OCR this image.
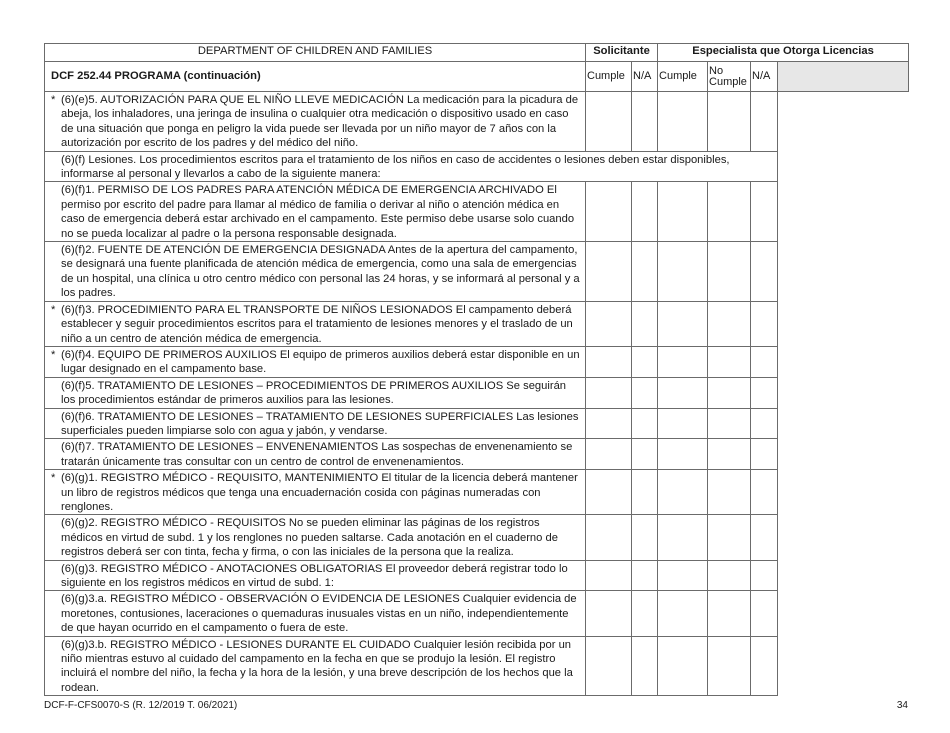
DEPARTMENT OF CHILDREN AND FAMILIES	Solicitante		Especialista que Otorga Licencias			
DCF 252.44 PROGRAMA (continuación)	Cumple	N/A	Cumple	No Cumple	N/A	

* (6)(e)5. AUTORIZACIÓN PARA QUE EL NIÑO LLEVE MEDICACIÓN La medicación para la picadura de abeja, los inhaladores, una jeringa de insulina o cualquier otra medicación o dispositivo usado en caso de una situación que ponga en peligro la vida puede ser llevada por un niño mayor de 7 años con la autorización por escrito de los padres y del médico del niño.						

(6)(f) Lesiones. Los procedimientos escritos para el tratamiento de los niños en caso de accidentes o lesiones deben estar disponibles, informarse al personal y llevarlos a cabo de la siguiente manera:						

(6)(f)1. PERMISO DE LOS PADRES PARA ATENCIÓN MÉDICA DE EMERGENCIA ARCHIVADO El permiso por escrito del padre para llamar al médico de familia o derivar al niño o atención médica en caso de emergencia deberá estar archivado en el campamento. Este permiso debe usarse solo cuando no se pueda localizar al padre o la persona responsable designada.						

(6)(f)2. FUENTE DE ATENCIÓN DE EMERGENCIA DESIGNADA Antes de la apertura del campamento, se designará una fuente planificada de atención médica de emergencia, como una sala de emergencias de un hospital, una clínica u otro centro médico con personal las 24 horas, y se informará al personal y a los padres.						

* (6)(f)3. PROCEDIMIENTO PARA EL TRANSPORTE DE NIÑOS LESIONADOS El campamento deberá establecer y seguir procedimientos escritos para el tratamiento de lesiones menores y el traslado de un niño a un centro de atención médica de emergencia.						

* (6)(f)4. EQUIPO DE PRIMEROS AUXILIOS El equipo de primeros auxilios deberá estar disponible en un lugar designado en el campamento base.						

(6)(f)5. TRATAMIENTO DE LESIONES – PROCEDIMIENTOS DE PRIMEROS AUXILIOS Se seguirán los procedimientos estándar de primeros auxilios para las lesiones.						

(6)(f)6. TRATAMIENTO DE LESIONES – TRATAMIENTO DE LESIONES SUPERFICIALES Las lesiones superficiales pueden limpiarse solo con agua y jabón, y vendarse.						

(6)(f)7. TRATAMIENTO DE LESIONES – ENVENENAMIENTOS Las sospechas de envenenamiento se tratarán únicamente tras consultar con un centro de control de envenenamientos.						

* (6)(g)1. REGISTRO MÉDICO - REQUISITO, MANTENIMIENTO El titular de la licencia deberá mantener un libro de registros médicos que tenga una encuadernación cosida con páginas numeradas con renglones.						

(6)(g)2. REGISTRO MÉDICO - REQUISITOS No se pueden eliminar las páginas de los registros médicos en virtud de subd. 1 y los renglones no pueden saltarse. Cada anotación en el cuaderno de registros deberá ser con tinta, fecha y firma, o con las iniciales de la persona que la realiza.						

(6)(g)3. REGISTRO MÉDICO - ANOTACIONES OBLIGATORIAS El proveedor deberá registrar todo lo siguiente en los registros médicos en virtud de subd. 1:						

(6)(g)3.a. REGISTRO MÉDICO - OBSERVACIÓN O EVIDENCIA DE LESIONES Cualquier evidencia de moretones, contusiones, laceraciones o quemaduras inusuales vistas en un niño, independientemente de que hayan ocurrido en el campamento o fuera de este.						

(6)(g)3.b. REGISTRO MÉDICO - LESIONES DURANTE EL CUIDADO Cualquier lesión recibida por un niño mientras estuvo al cuidado del campamento en la fecha en que se produjo la lesión. El registro incluirá el nombre del niño, la fecha y la hora de la lesión, y una breve descripción de los hechos que la rodean.						

DCF-F-CFS0070-S (R. 12/2019 T. 06/2021)	34
